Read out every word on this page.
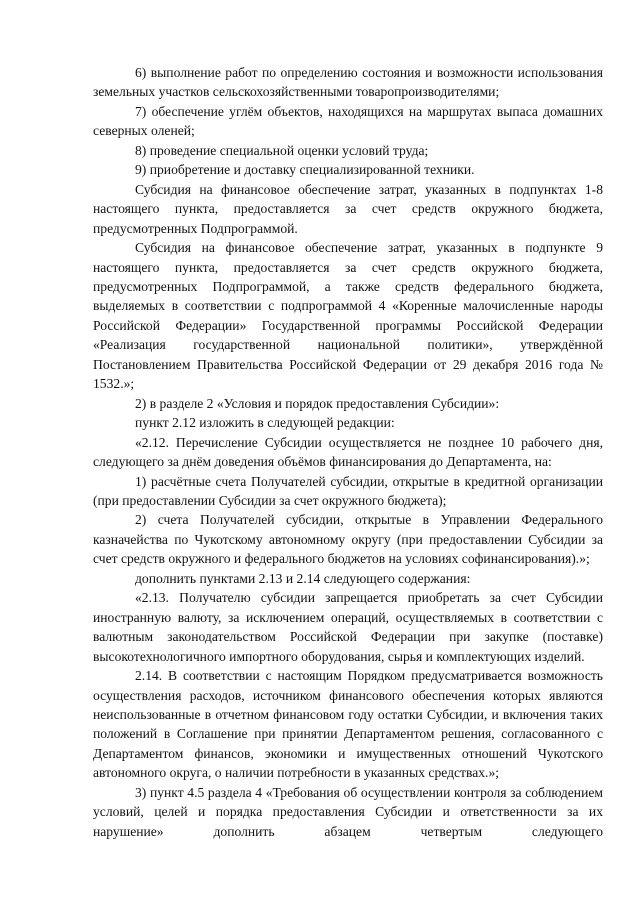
6) выполнение работ по определению состояния и возможности использования земельных участков сельскохозяйственными товаропроизводителями;

7) обеспечение углём объектов, находящихся на маршрутах выпаса домашних северных оленей;

8) проведение специальной оценки условий труда;

9) приобретение и доставку специализированной техники.

Субсидия на финансовое обеспечение затрат, указанных в подпунктах 1-8 настоящего пункта, предоставляется за счет средств окружного бюджета, предусмотренных Подпрограммой.

Субсидия на финансовое обеспечение затрат, указанных в подпункте 9 настоящего пункта, предоставляется за счет средств окружного бюджета, предусмотренных Подпрограммой, а также средств федерального бюджета, выделяемых в соответствии с подпрограммой 4 «Коренные малочисленные народы Российской Федерации» Государственной программы Российской Федерации «Реализация государственной национальной политики», утверждённой Постановлением Правительства Российской Федерации от 29 декабря 2016 года № 1532.»;

2) в разделе 2 «Условия и порядок предоставления Субсидии»:

пункт 2.12 изложить в следующей редакции:

«2.12. Перечисление Субсидии осуществляется не позднее 10 рабочего дня, следующего за днём доведения объёмов финансирования до Департамента, на:

1) расчётные счета Получателей субсидии, открытые в кредитной организации (при предоставлении Субсидии за счет окружного бюджета);

2) счета Получателей субсидии, открытые в Управлении Федерального казначейства по Чукотскому автономному округу (при предоставлении Субсидии за счет средств окружного и федерального бюджетов на условиях софинансирования).»;

дополнить пунктами 2.13 и 2.14 следующего содержания:

«2.13. Получателю субсидии запрещается приобретать за счет Субсидии иностранную валюту, за исключением операций, осуществляемых в соответствии с валютным законодательством Российской Федерации при закупке (поставке) высокотехнологичного импортного оборудования, сырья и комплектующих изделий.

2.14. В соответствии с настоящим Порядком предусматривается возможность осуществления расходов, источником финансового обеспечения которых являются неиспользованные в отчетном финансовом году остатки Субсидии, и включения таких положений в Соглашение при принятии Департаментом решения, согласованного с Департаментом финансов, экономики и имущественных отношений Чукотского автономного округа, о наличии потребности в указанных средствах.»;

3) пункт 4.5 раздела 4 «Требования об осуществлении контроля за соблюдением условий, целей и порядка предоставления Субсидии и ответственности за их нарушение» дополнить абзацем четвертым следующего
